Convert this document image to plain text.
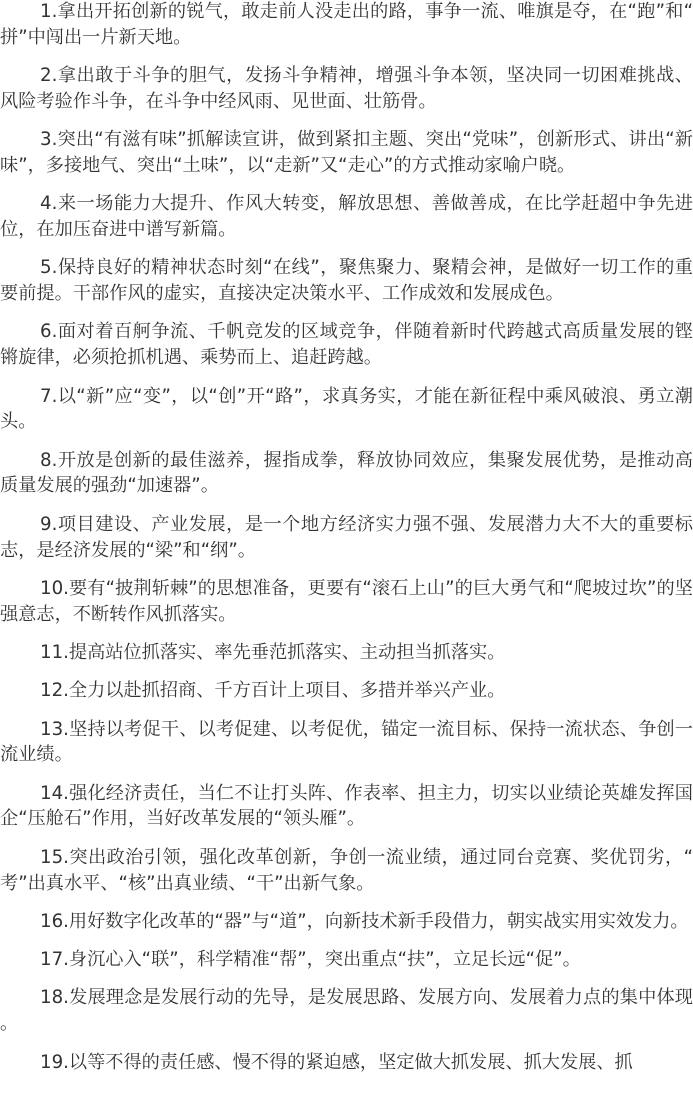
1.拿出开拓创新的锐气，敢走前人没走出的路，事争一流、唯旗是夺，在“跑”和“拼”中闯出一片新天地。

2.拿出敢于斗争的胆气，发扬斗争精神，增强斗争本领，坚决同一切困难挑战、风险考验作斗争，在斗争中经风雨、见世面、壮筋骨。

3.突出“有滋有味”抓解读宣讲，做到紧扣主题、突出“党味”，创新形式、讲出“新味”，多接地气、突出“土味”，以“走新”又“走心”的方式推动家喻户晓。

4.来一场能力大提升、作风大转变，解放思想、善做善成，在比学赶超中争先进位，在加压奋进中谱写新篇。

5.保持良好的精神状态时刻“在线”，聚焦聚力、聚精会神，是做好一切工作的重要前提。干部作风的虚实，直接决定决策水平、工作成效和发展成色。

6.面对着百舸争流、千帆竞发的区域竞争，伴随着新时代跨越式高质量发展的铿锵旋律，必须抢抓机遇、乘势而上、追赶跨越。

7.以“新”应“变”，以“创”开“路”，求真务实，才能在新征程中乘风破浪、勇立潮头。

8.开放是创新的最佳滋养，握指成拳，释放协同效应，集聚发展优势，是推动高质量发展的强劲“加速器”。

9.项目建设、产业发展，是一个地方经济实力强不强、发展潜力大不大的重要标志，是经济发展的“梁”和“纲”。

10.要有“披荆斩棘”的思想准备，更要有“滚石上山”的巨大勇气和“爬坡过坎”的坚强意志，不断转作风抓落实。

11.提高站位抓落实、率先垂范抓落实、主动担当抓落实。

12.全力以赴抓招商、千方百计上项目、多措并举兴产业。

13.坚持以考促干、以考促建、以考促优，锚定一流目标、保持一流状态、争创一流业绩。

14.强化经济责任，当仁不让打头阵、作表率、担主力，切实以业绩论英雄发挥国企“压舱石”作用，当好改革发展的“领头雁”。

15.突出政治引领，强化改革创新，争创一流业绩，通过同台竞赛、奖优罚劣，“考”出真水平、“核”出真业绩、“干”出新气象。

16.用好数字化改革的“器”与“道”，向新技术新手段借力，朝实战实用实效发力。

17.身沉心入“联”，科学精准“帮”，突出重点“扶”，立足长远“促”。

18.发展理念是发展行动的先导，是发展思路、发展方向、发展着力点的集中体现。

19.以等不得的责任感、慢不得的紧迫感，坚定做大抓发展、抓大发展、抓
